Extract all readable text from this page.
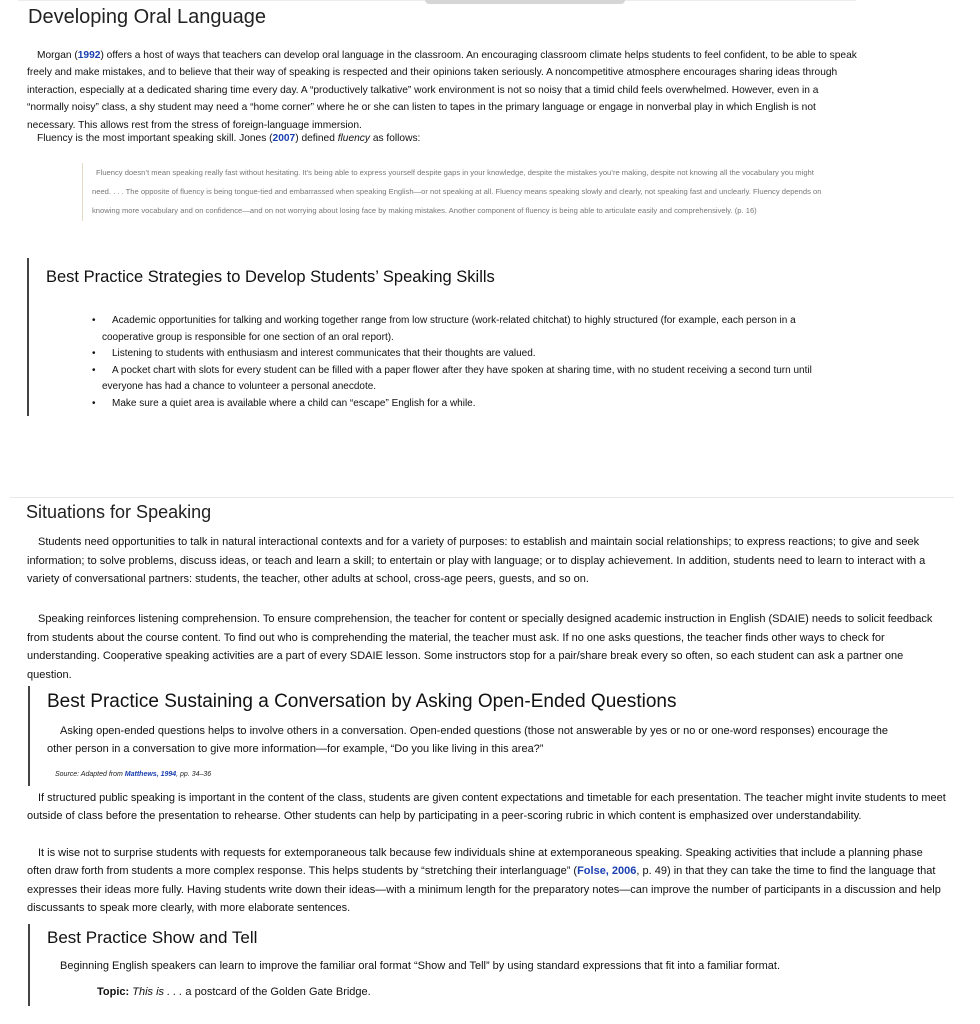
Developing Oral Language

Morgan (1992) offers a host of ways that teachers can develop oral language in the classroom. An encouraging classroom climate helps students to feel confident, to be able to speak freely and make mistakes, and to believe that their way of speaking is respected and their opinions taken seriously. A noncompetitive atmosphere encourages sharing ideas through interaction, especially at a dedicated sharing time every day. A “productively talkative” work environment is not so noisy that a timid child feels overwhelmed. However, even in a “normally noisy” class, a shy student may need a “home corner” where he or she can listen to tapes in the primary language or engage in nonverbal play in which English is not necessary. This allows rest from the stress of foreign-language immersion.

Fluency is the most important speaking skill. Jones (2007) defined fluency as follows:

Fluency doesn’t mean speaking really fast without hesitating. It’s being able to express yourself despite gaps in your knowledge, despite the mistakes you’re making, despite not knowing all the vocabulary you might need. . . . The opposite of fluency is being tongue-tied and embarrassed when speaking English—or not speaking at all. Fluency means speaking slowly and clearly, not speaking fast and unclearly. Fluency depends on knowing more vocabulary and on confidence—and on not worrying about losing face by making mistakes. Another component of fluency is being able to articulate easily and comprehensively. (p. 16)
Best Practice Strategies to Develop Students’ Speaking Skills
• Academic opportunities for talking and working together range from low structure (work-related chitchat) to highly structured (for example, each person in a cooperative group is responsible for one section of an oral report).
• Listening to students with enthusiasm and interest communicates that their thoughts are valued.
• A pocket chart with slots for every student can be filled with a paper flower after they have spoken at sharing time, with no student receiving a second turn until everyone has had a chance to volunteer a personal anecdote.
• Make sure a quiet area is available where a child can “escape” English for a while.
Situations for Speaking

Students need opportunities to talk in natural interactional contexts and for a variety of purposes: to establish and maintain social relationships; to express reactions; to give and seek information; to solve problems, discuss ideas, or teach and learn a skill; to entertain or play with language; or to display achievement. In addition, students need to learn to interact with a variety of conversational partners: students, the teacher, other adults at school, cross-age peers, guests, and so on.

Speaking reinforces listening comprehension. To ensure comprehension, the teacher for content or specially designed academic instruction in English (SDAIE) needs to solicit feedback from students about the course content. To find out who is comprehending the material, the teacher must ask. If no one asks questions, the teacher finds other ways to check for understanding. Cooperative speaking activities are a part of every SDAIE lesson. Some instructors stop for a pair/share break every so often, so each student can ask a partner one question.

Best Practice Sustaining a Conversation by Asking Open-Ended Questions

Asking open-ended questions helps to involve others in a conversation. Open-ended questions (those not answerable by yes or no or one-word responses) encourage the other person in a conversation to give more information—for example, “Do you like living in this area?”

Source: Adapted from Matthews, 1994, pp. 34–36

If structured public speaking is important in the content of the class, students are given content expectations and timetable for each presentation. The teacher might invite students to meet outside of class before the presentation to rehearse. Other students can help by participating in a peer-scoring rubric in which content is emphasized over understandability.

It is wise not to surprise students with requests for extemporaneous talk because few individuals shine at extemporaneous speaking. Speaking activities that include a planning phase often draw forth from students a more complex response. This helps students by “stretching their interlanguage” (Folse, 2006, p. 49) in that they can take the time to find the language that expresses their ideas more fully. Having students write down their ideas—with a minimum length for the preparatory notes—can improve the number of participants in a discussion and help discussants to speak more clearly, with more elaborate sentences.

Best Practice Show and Tell

Beginning English speakers can learn to improve the familiar oral format “Show and Tell” by using standard expressions that fit into a familiar format.

Topic: This is . . . a postcard of the Golden Gate Bridge.
